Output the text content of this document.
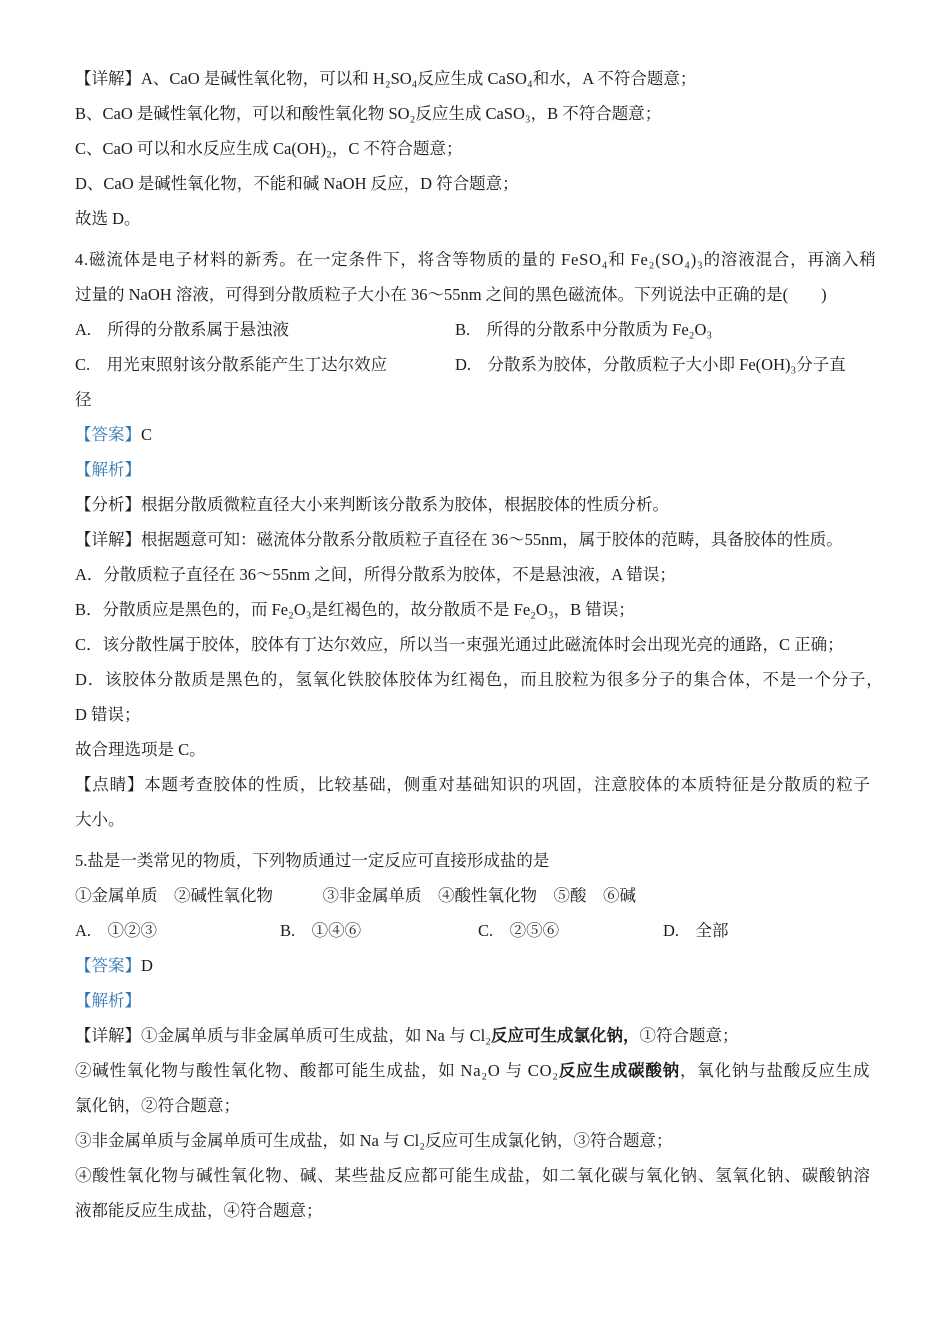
【详解】A、CaO 是碱性氧化物，可以和 H₂SO₄反应生成 CaSO₄和水，A 不符合题意；
B、CaO 是碱性氧化物，可以和酸性氧化物 SO₂反应生成 CaSO₃，B 不符合题意；
C、CaO 可以和水反应生成 Ca(OH)₂，C 不符合题意；
D、CaO 是碱性氧化物，不能和碱 NaOH 反应，D 符合题意；
故选 D。
4.磁流体是电子材料的新秀。在一定条件下，将含等物质的量的 FeSO₄和 Fe₂(SO₄)₃的溶液混合，再滴入稍
过量的 NaOH 溶液，可得到分散质粒子大小在 36～55nm 之间的黑色磁流体。下列说法中正确的是(　　)
A.　所得的分散系属于悬浊液	B.　所得的分散系中分散质为 Fe₂O₃
C.　用光束照射该分散系能产生丁达尔效应	D.　分散系为胶体，分散质粒子大小即 Fe(OH)₃分子直
径
【答案】C
【解析】
【分析】根据分散质微粒直径大小来判断该分散系为胶体，根据胶体的性质分析。
【详解】根据题意可知：磁流体分散系分散质粒子直径在 36～55nm，属于胶体的范畴，具备胶体的性质。
A．分散质粒子直径在 36～55nm 之间，所得分散系为胶体，不是悬浊液，A 错误；
B．分散质应是黑色的，而 Fe₂O₃是红褐色的，故分散质不是 Fe₂O₃，B 错误；
C．该分散性属于胶体，胶体有丁达尔效应，所以当一束强光通过此磁流体时会出现光亮的通路，C 正确；
D．该胶体分散质是黑色的，氢氧化铁胶体胶体为红褐色，而且胶粒为很多分子的集合体，不是一个分子，
D 错误；
故合理选项是 C。
【点睛】本题考查胶体的性质，比较基础，侧重对基础知识的巩固，注意胶体的本质特征是分散质的粒子
大小。
5.盐是一类常见的物质，下列物质通过一定反应可直接形成盐的是
①金属单质　②碱性氧化物　　　③非金属单质　④酸性氧化物　⑤酸　⑥碱
A.　①②③	B.　①④⑥	C.　②⑤⑥	D.　全部
【答案】D
【解析】
【详解】①金属单质与非金属单质可生成盐，如 Na 与 Cl₂反应可生成氯化钠，①符合题意；
②碱性氧化物与酸性氧化物、酸都可能生成盐，如 Na₂O 与 CO₂反应生成碳酸钠，氧化钠与盐酸反应生成
氯化钠，②符合题意；
③非金属单质与金属单质可生成盐，如 Na 与 Cl₂反应可生成氯化钠，③符合题意；
④酸性氧化物与碱性氧化物、碱、某些盐反应都可能生成盐，如二氧化碳与氧化钠、氢氧化钠、碳酸钠溶
液都能反应生成盐，④符合题意；
